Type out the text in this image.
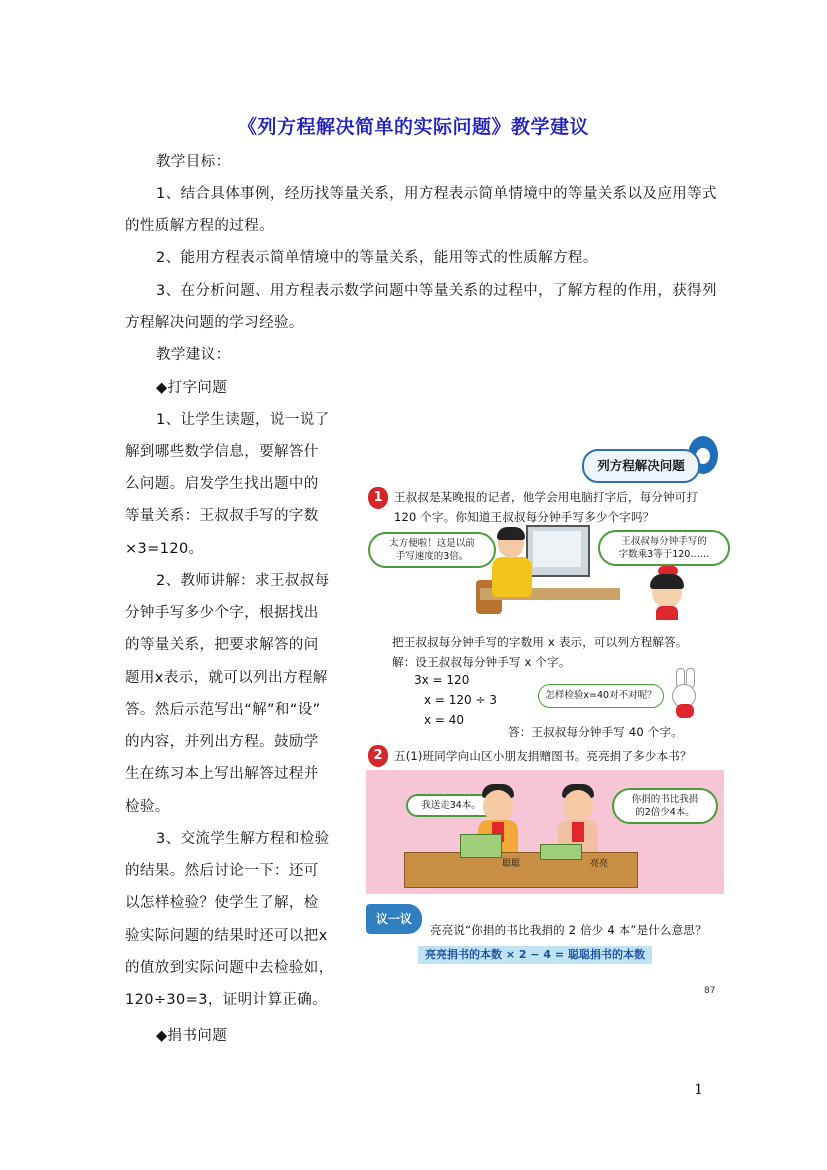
《列方程解决简单的实际问题》教学建议
教学目标：
1、结合具体事例，经历找等量关系，用方程表示简单情境中的等量关系以及应用等式
的性质解方程的过程。
2、能用方程表示简单情境中的等量关系，能用等式的性质解方程。
3、在分析问题、用方程表示数学问题中等量关系的过程中，了解方程的作用，获得列
方程解决问题的学习经验。
教学建议：
◆打字问题
1、让学生读题，说一说了
解到哪些数学信息，要解答什
么问题。启发学生找出题中的
等量关系：王叔叔手写的字数
×3=120。
2、教师讲解：求王叔叔每
分钟手写多少个字，根据找出
的等量关系，把要求解答的问
题用x表示，就可以列出方程解
答。然后示范写出“解”和“设”
的内容，并列出方程。鼓励学
生在练习本上写出解答过程并
检验。
3、交流学生解方程和检验
的结果。然后讨论一下：还可
以怎样检验？使学生了解，检
验实际问题的结果时还可以把x
的值放到实际问题中去检验如，
120÷30=3，证明计算正确。
◆捐书问题
1
列方程解决问题
1 王叔叔是某晚报的记者，他学会用电脑打字后，每分钟可打
120 个字。你知道王叔叔每分钟手写多少个字吗？
太方便啦！这是以前
手写速度的3倍。
王叔叔每分钟手写的
字数乘3等于120……
把王叔叔每分钟手写的字数用 x 表示，可以列方程解答。
解：设王叔叔每分钟手写 x 个字。
3x = 120
x = 120 ÷ 3
x = 40
怎样检验x=40对不对呢？
答：王叔叔每分钟手写 40 个字。
2 五(1)班同学向山区小朋友捐赠图书。亮亮捐了多少本书？
我送走34本。
你捐的书比我捐
的2倍少4本。
聪聪	亮亮
议一议
亮亮说“你捐的书比我捐的 2 倍少 4 本”是什么意思？
亮亮捐书的本数 × 2 − 4 = 聪聪捐书的本数
87
